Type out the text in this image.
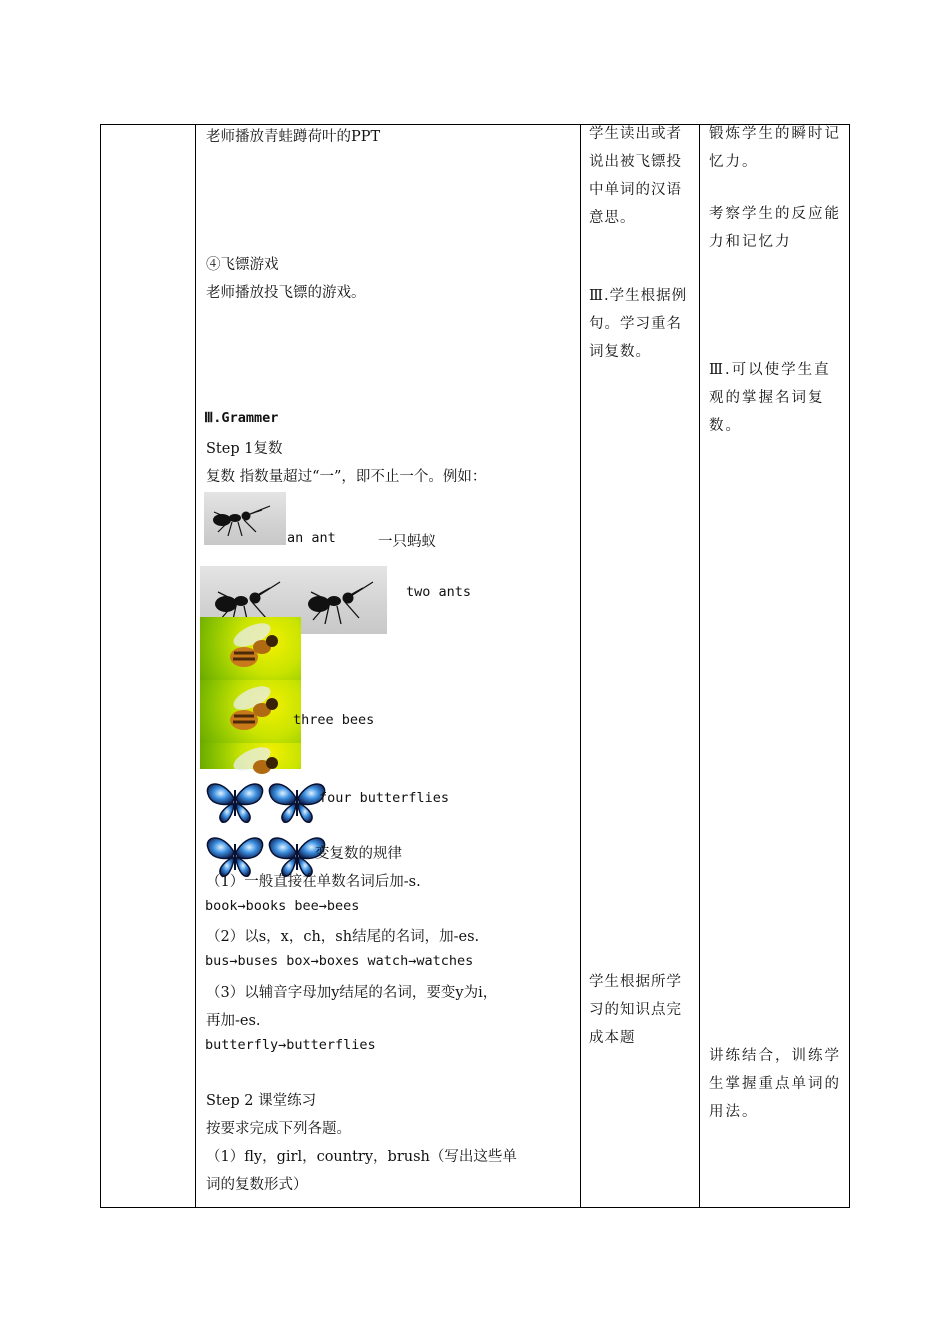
老师播放青蛙蹲荷叶的PPT
④飞镖游戏
老师播放投飞镖的游戏。
Ⅲ.Grammer
Step 1复数
复数 指数量超过“一”，即不止一个。例如：
an ant	一只蚂蚁
two ants
three bees
four butterflies
变复数的规律
（1）一般直接在单数名词后加-s.
book→books bee→bees
（2）以s，x，ch，sh结尾的名词，加-es.
bus→buses box→boxes watch→watches
（3）以辅音字母加y结尾的名词，要变y为i，
再加-es.
butterfly→butterflies
Step 2 课堂练习
按要求完成下列各题。
（1）fly，girl，country，brush（写出这些单
词的复数形式）
学生读出或者说出被飞镖投中单词的汉语意思。
Ⅲ.学生根据例句。学习重名词复数。
学生根据所学习的知识点完成本题
锻炼学生的瞬时记忆力。
考察学生的反应能力和记忆力
Ⅲ.可以使学生直观的掌握名词复数。
讲练结合，训练学生掌握重点单词的用法。
